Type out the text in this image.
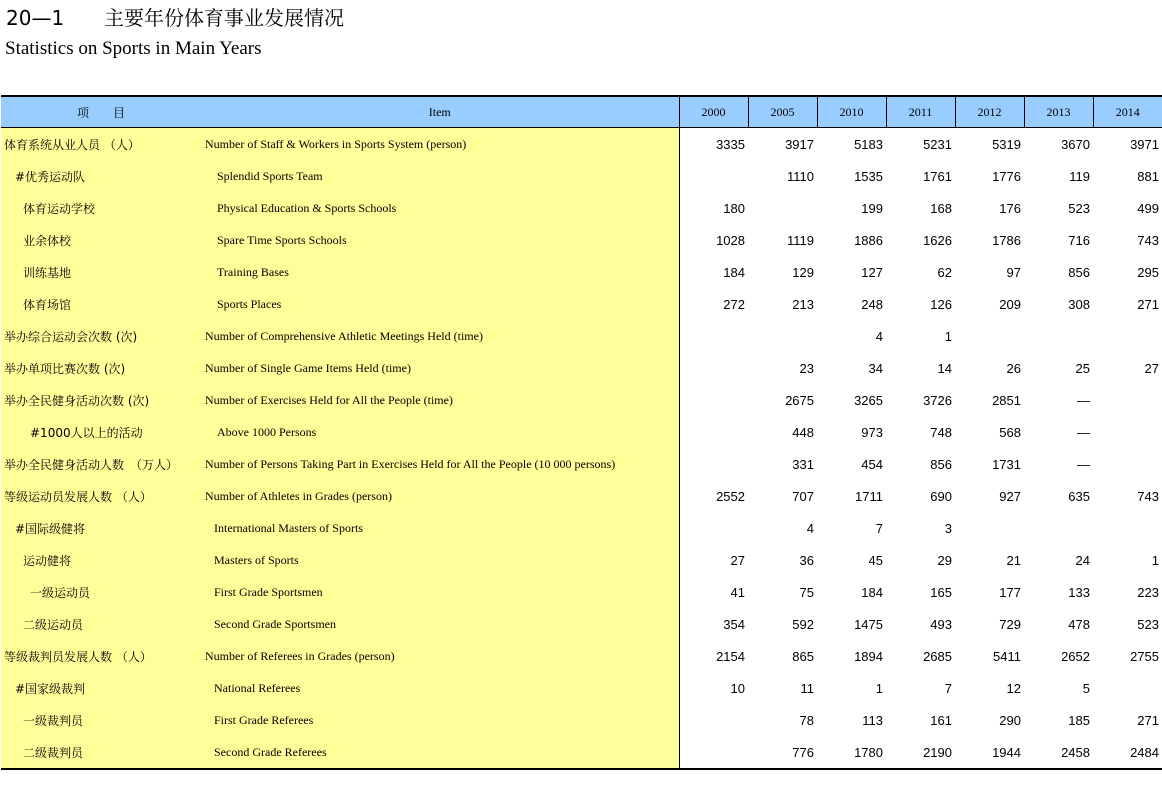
20—1 主要年份体育事业发展情况
Statistics on Sports in Main Years
项　　目	Item	2000	2005	2010	2011	2012	2013	2014
体育系统从业人员 （人）	Number of Staff & Workers in Sports System (person)	3335	3917	5183	5231	5319	3670	3971
#优秀运动队	Splendid Sports Team		1110	1535	1761	1776	119	881
体育运动学校	Physical Education & Sports Schools	180		199	168	176	523	499
业余体校	Spare Time Sports Schools	1028	1119	1886	1626	1786	716	743
训练基地	Training Bases	184	129	127	62	97	856	295
体育场馆	Sports Places	272	213	248	126	209	308	271
举办综合运动会次数 (次)	Number of Comprehensive Athletic Meetings Held (time)			4	1			
举办单项比赛次数 (次)	Number of Single Game Items Held (time)		23	34	14	26	25	27
举办全民健身活动次数 (次)	Number of Exercises Held for All the People (time)		2675	3265	3726	2851	—	
#1000人以上的活动	Above 1000 Persons		448	973	748	568	—	
举办全民健身活动人数　（万人）	Number of Persons Taking Part in Exercises Held for All the People (10 000 persons)		331	454	856	1731	—	
等级运动员发展人数 （人）	Number of Athletes in Grades (person)	2552	707	1711	690	927	635	743
#国际级健将	International Masters of Sports		4	7	3			
运动健将	Masters of Sports	27	36	45	29	21	24	1
一级运动员	First Grade Sportsmen	41	75	184	165	177	133	223
二级运动员	Second Grade Sportsmen	354	592	1475	493	729	478	523
等级裁判员发展人数 （人）	Number of Referees in Grades (person)	2154	865	1894	2685	5411	2652	2755
#国家级裁判	National Referees	10	11	1	7	12	5	
一级裁判员	First Grade Referees		78	113	161	290	185	271
二级裁判员	Second Grade Referees		776	1780	2190	1944	2458	2484
